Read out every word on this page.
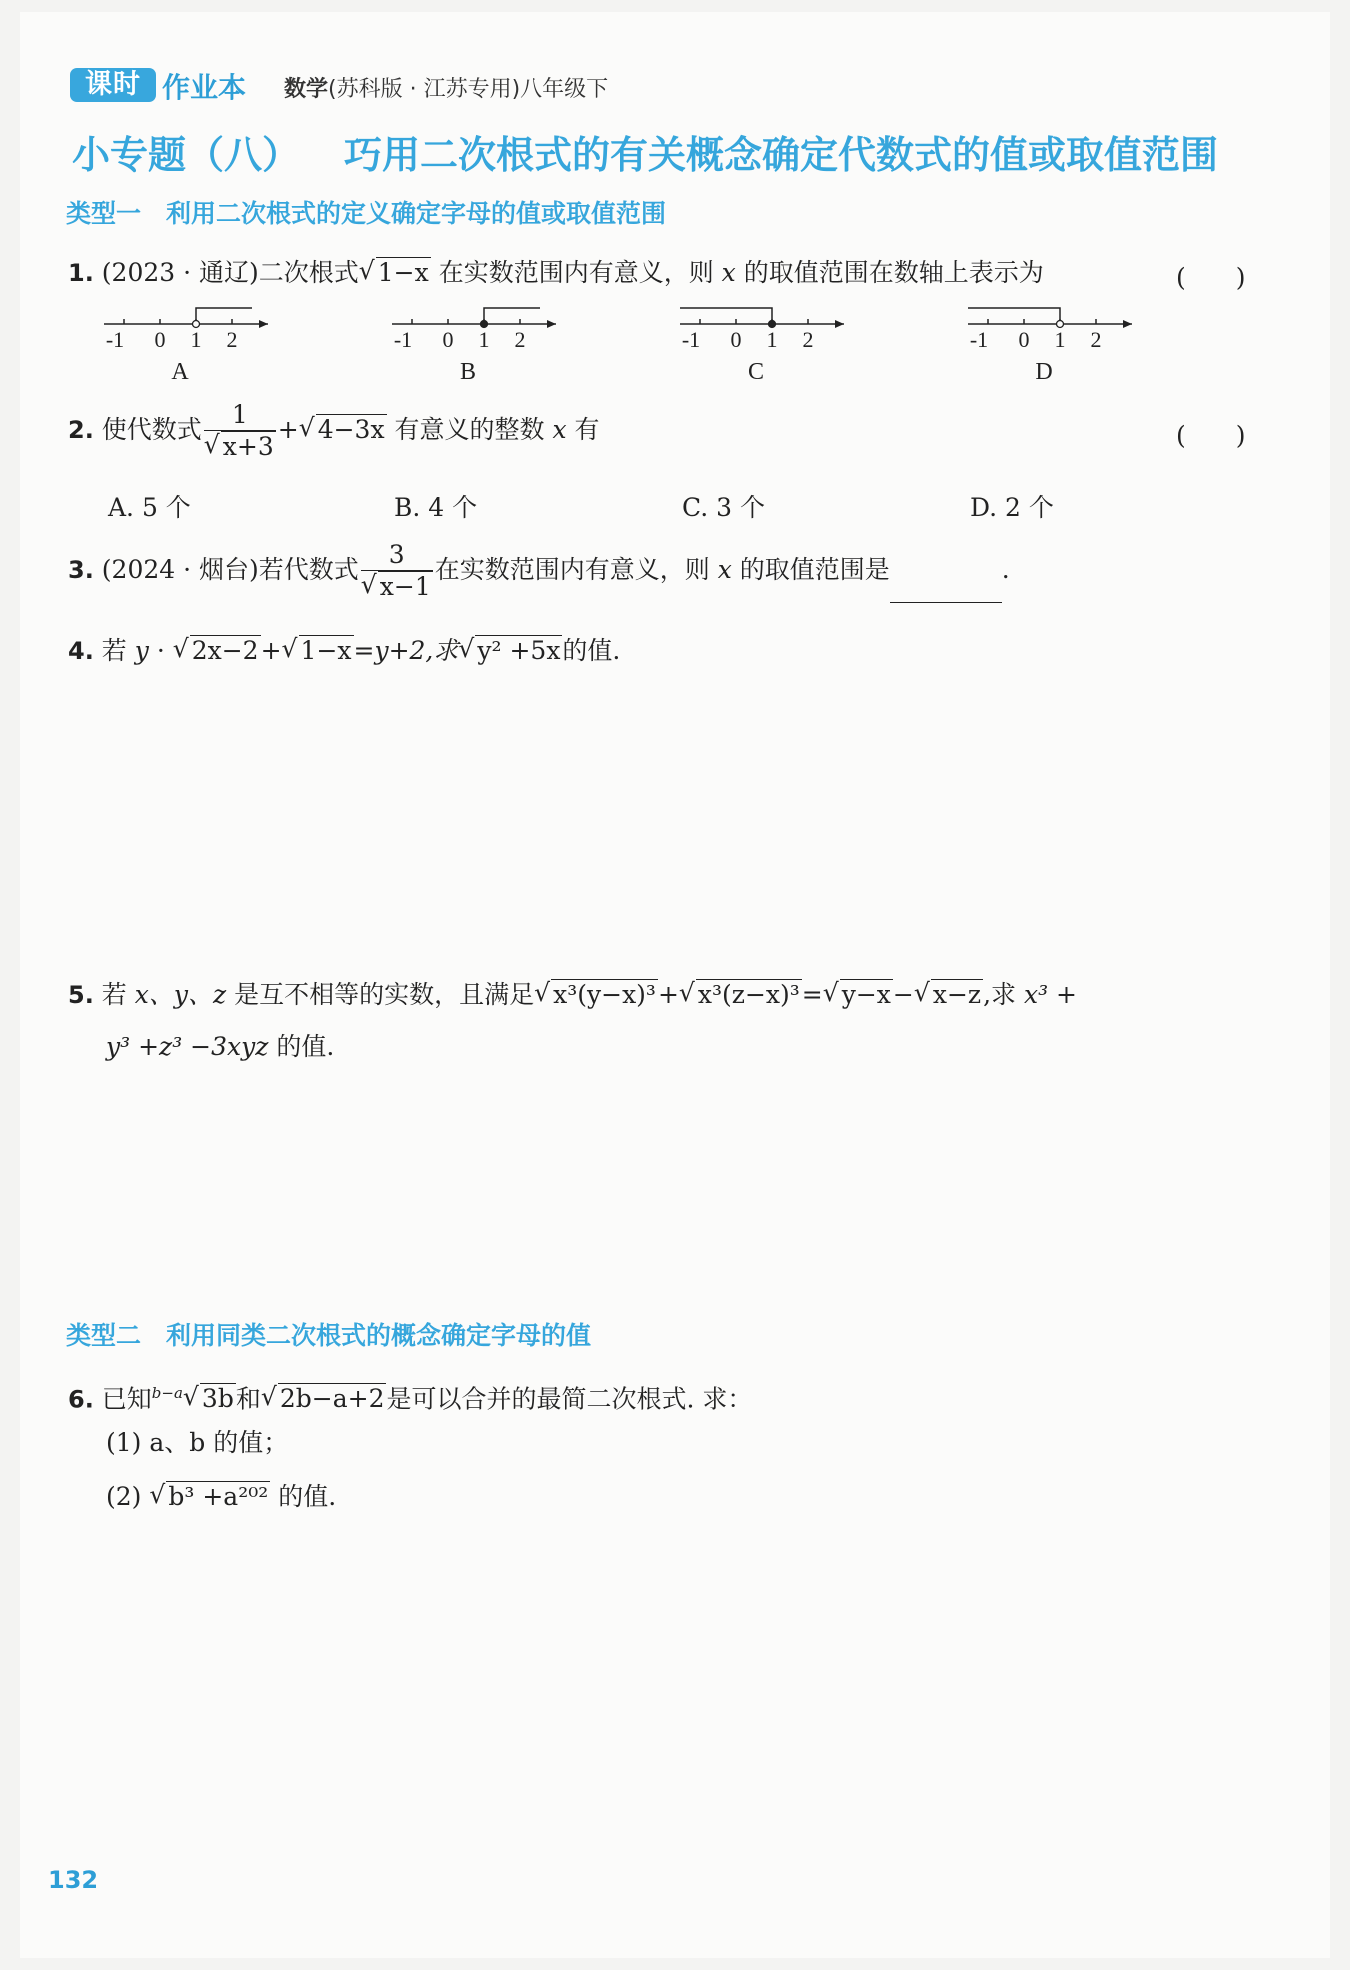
课时 作业本 数学(苏科版 · 江苏专用)八年级下
小专题（八） 巧用二次根式的有关概念确定代数式的值或取值范围
类型一　利用二次根式的定义确定字母的值或取值范围
1. (2023 · 通辽)二次根式 √ 1−x 在实数范围内有意义，则 x 的取值范围在数轴上表示为	(　　)
-1 0 1 2
A
-1 0 1 2
B
-1 0 1 2
C
-1 0 1 2
D
2. 使代数式 1
√ x+3 + √ 4−3x 有意义的整数 x 有	(　　)
A. 5 个	B. 4 个	C. 3 个	D. 2 个
3. (2024 · 烟台)若代数式 3
√ x−1 在实数范围内有意义，则 x 的取值范围是	.
4. 若 y · √ 2x−2+ √ 1−x=y+2,求 √ y² +5x的值.
5. 若 x、y、z 是互不相等的实数，且满足 √ x³(y−x)³+ √ x³(z−x)³= √ y−x− √ x−z,求 x³ +
y³ +z³ −3xyz 的值.
类型二　利用同类二次根式的概念确定字母的值
6. 已知$^{b-a}$ √ 3b和 √ 2b−a+2是可以合并的最简二次根式. 求：
(1) a、b 的值；
(2) √ b³ +a²⁰² 的值.
132
